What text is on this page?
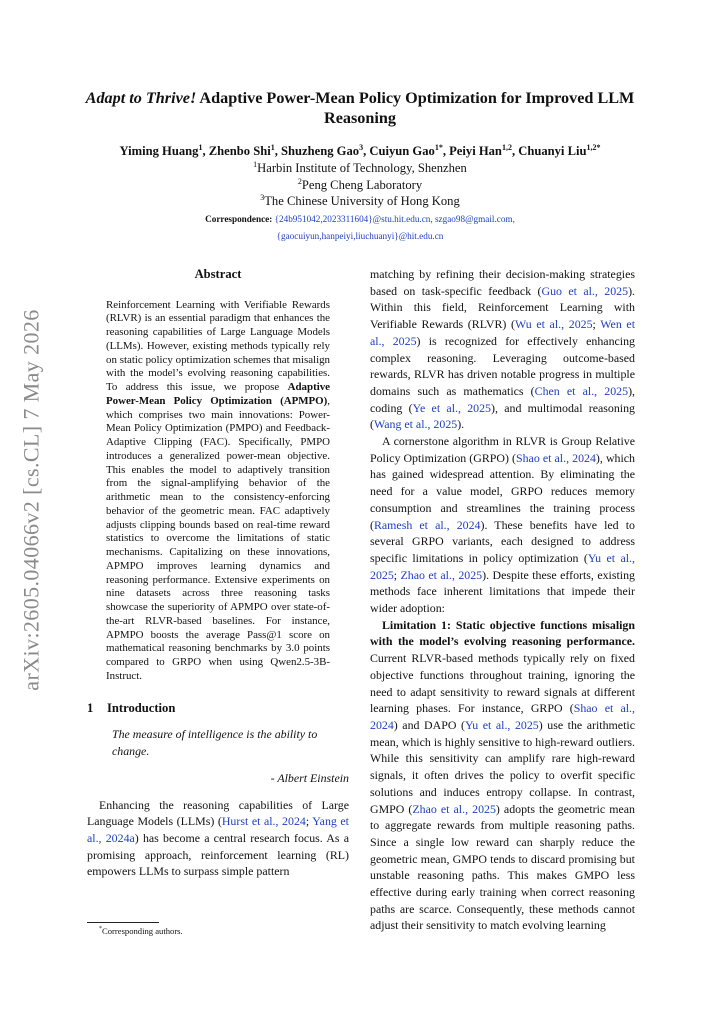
arXiv:2605.04066v2 [cs.CL] 7 May 2026
Adapt to Thrive! Adaptive Power-Mean Policy Optimization for Improved LLM Reasoning
Yiming Huang$^1$, Zhenbo Shi$^1$, Shuzheng Gao$^3$, Cuiyun Gao$^{1*}$, Peiyi Han$^{1,2}$, Chuanyi Liu$^{1,2*}$
$^1$Harbin Institute of Technology, Shenzhen
$^2$Peng Cheng Laboratory
$^3$The Chinese University of Hong Kong
Correspondence: {24b951042,2023311604}@stu.hit.edu.cn, szgao98@gmail.com,
{gaocuiyun,hanpeiyi,liuchuanyi}@hit.edu.cn
Abstract
Reinforcement Learning with Verifiable Rewards (RLVR) is an essential paradigm that enhances the reasoning capabilities of Large Language Models (LLMs). However, existing methods typically rely on static policy optimization schemes that misalign with the model’s evolving reasoning capabilities. To address this issue, we propose Adaptive Power-Mean Policy Optimization (APMPO), which comprises two main innovations: Power-Mean Policy Optimization (PMPO) and Feedback-Adaptive Clipping (FAC). Specifically, PMPO introduces a generalized power-mean objective. This enables the model to adaptively transition from the signal-amplifying behavior of the arithmetic mean to the consistency-enforcing behavior of the geometric mean. FAC adaptively adjusts clipping bounds based on real-time reward statistics to overcome the limitations of static mechanisms. Capitalizing on these innovations, APMPO improves learning dynamics and reasoning performance. Extensive experiments on nine datasets across three reasoning tasks showcase the superiority of APMPO over state-of-the-art RLVR-based baselines. For instance, APMPO boosts the average Pass@1 score on mathematical reasoning benchmarks by 3.0 points compared to GRPO when using Qwen2.5-3B-Instruct.
1 Introduction
The measure of intelligence is the ability to change.
- Albert Einstein

Enhancing the reasoning capabilities of Large Language Models (LLMs) (Hurst et al., 2024; Yang et al., 2024a) has become a central research focus. As a promising approach, reinforcement learning (RL) empowers LLMs to surpass simple pattern

matching by refining their decision-making strategies based on task-specific feedback (Guo et al., 2025). Within this field, Reinforcement Learning with Verifiable Rewards (RLVR) (Wu et al., 2025; Wen et al., 2025) is recognized for effectively enhancing complex reasoning. Leveraging outcome-based rewards, RLVR has driven notable progress in multiple domains such as mathematics (Chen et al., 2025), coding (Ye et al., 2025), and multimodal reasoning (Wang et al., 2025).

A cornerstone algorithm in RLVR is Group Relative Policy Optimization (GRPO) (Shao et al., 2024), which has gained widespread attention. By eliminating the need for a value model, GRPO reduces memory consumption and streamlines the training process (Ramesh et al., 2024). These benefits have led to several GRPO variants, each designed to address specific limitations in policy optimization (Yu et al., 2025; Zhao et al., 2025). Despite these efforts, existing methods face inherent limitations that impede their wider adoption:

Limitation 1: Static objective functions misalign with the model’s evolving reasoning performance. Current RLVR-based methods typically rely on fixed objective functions throughout training, ignoring the need to adapt sensitivity to reward signals at different learning phases. For instance, GRPO (Shao et al., 2024) and DAPO (Yu et al., 2025) use the arithmetic mean, which is highly sensitive to high-reward outliers. While this sensitivity can amplify rare high-reward signals, it often drives the policy to overfit specific solutions and induces entropy collapse. In contrast, GMPO (Zhao et al., 2025) adopts the geometric mean to aggregate rewards from multiple reasoning paths. Since a single low reward can sharply reduce the geometric mean, GMPO tends to discard promising but unstable reasoning paths. This makes GMPO less effective during early training when correct reasoning paths are scarce. Consequently, these methods cannot adjust their sensitivity to match evolving learning

*Corresponding authors.
